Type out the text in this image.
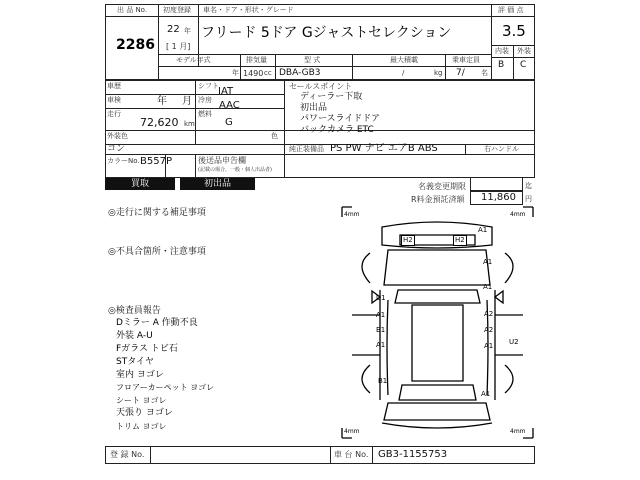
出 品 No.
2286
初度登録
22 年
[ 1 月]
車名・ドア・形状・グレード
フリード 5ドア Gジャストセレクション
評 価 点
3.5
内装 外装
B C
モデル年式
年
排気量
1490 cc
型 式
DBA-GB3
最大積載
/	kg
乗車定員
7/ 名
車歴
車検	年 月
走行
72,620 km
外装色
コン
カラーNo. B557P
シフト IAT
冷房 AAC
燃料
G
色
後送品申告欄
(記載の場合、一般・個人出品者)
セールスポイント
ディーラー下取
初出品
パワースライドドア
バックカメラ ETC
純正装備品 PS PW ナビ エアB ABS	右ハンドル
買取	初出品	名義変更期限	迄
R料金預託済額 11,860 円
◎走行に関する補足事項
◎不具合箇所・注意事項
◎検査員報告
Dミラー A 作動不良
外装 A-U
Fガラス トビ石
STタイヤ
室内 ヨゴレ
フロアーカーペット ヨゴレ
シート ヨゴレ
天張り ヨゴレ
トリム ヨゴレ
4mm	4mm
4mm	4mm
H2	H2
A1
A1
A1
U1
A2
A1
B1	A2
A1	A1 U2
B1
A1
登 録 No.	車 台 No. GB3-1155753
